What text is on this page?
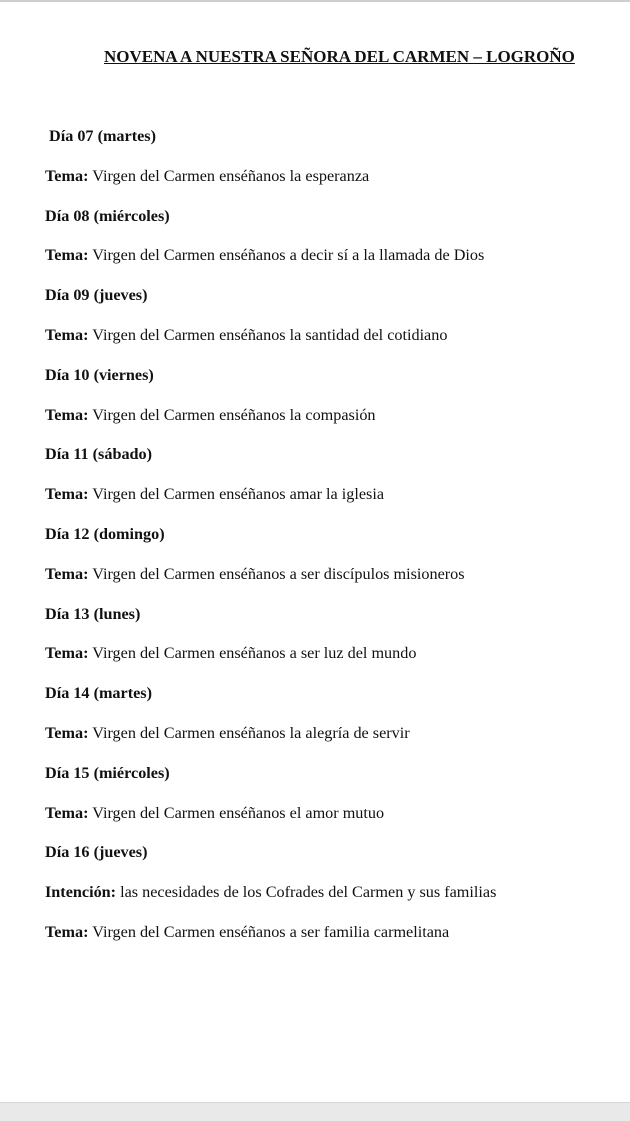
NOVENA A NUESTRA SEÑORA DEL CARMEN – LOGROÑO
Día 07 (martes)
Tema: Virgen del Carmen enséñanos la esperanza
Día 08 (miércoles)
Tema: Virgen del Carmen enséñanos a decir sí a la llamada de Dios
Día 09 (jueves)
Tema: Virgen del Carmen enséñanos la santidad del cotidiano
Día 10 (viernes)
Tema: Virgen del Carmen enséñanos la compasión
Día 11 (sábado)
Tema: Virgen del Carmen enséñanos amar la iglesia
Día 12 (domingo)
Tema: Virgen del Carmen enséñanos a ser discípulos misioneros
Día 13 (lunes)
Tema: Virgen del Carmen enséñanos a ser luz del mundo
Día 14 (martes)
Tema: Virgen del Carmen enséñanos la alegría de servir
Día 15 (miércoles)
Tema: Virgen del Carmen enséñanos el amor mutuo
Día 16 (jueves)
Intención: las necesidades de los Cofrades del Carmen y sus familias
Tema: Virgen del Carmen enséñanos a ser familia carmelitana
